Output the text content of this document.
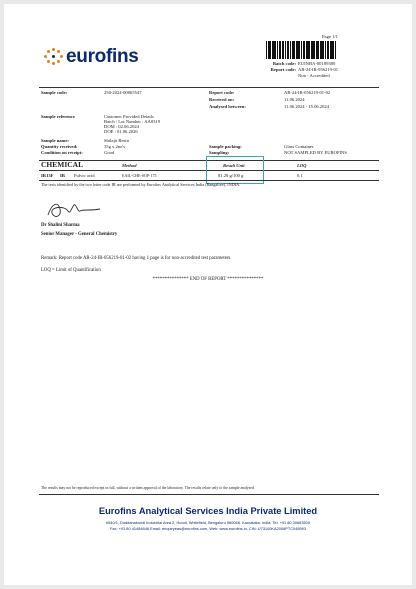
Page 1/1
eurofins	Batch code: EUINBA-00189380
Report code: AR-24-IR-056219-01
Non - Accredited
Sample code:	250-2024-00065547
Sample reference	Customer Provided Details
Batch / Lot Number : AA0319
DOM : 02.06.2024
DOE : 01.06.2026
Sample name:	Shilajit Resin
Quantity received:	35g x 2no's
Condition on receipt:	Good
Report code:	AR-24-IR-056219-01-02
Received on:	11.06.2024
Analysed between:	11.06.2024 - 15.06.2024
Sample packing:	Glass Container
Sampling:	NOT SAMPLED BY EUROFINS
CHEMICAL	Method	Result Unit	LOQ
IR13F IR Fulvic acid	EAIL-CHE-SOP-175	81.29 g/100 g	0.1
The tests identified by the two letter code IR are performed by Eurofins Analytical Services India (Bangalore), INDIA.
Dr Shalini Sharma
Senior Manager - General Chemistry
Remark: Report code AR-24-IR-056219-01-02 having 1 page is for non-accredited test parameters.
LOQ = Limit of Quantification
*************** END OF REPORT ***************
The results may not be reproduced except in full, without a written approval of the laboratory. The results relate only to the sample analysed.
Eurofins Analytical Services India Private Limited
#540/1, Doddanakundi Industrial Area 2, Hoodi, Whitefield, Bengaluru 560048, Karnataka, India. Tel: +91 80 30683500
Fax: +91 80 41484846 Email: enquiryeas@eurofins.com, Web: www.eurofins.in, CIN: U73100KA2006PTC048993
